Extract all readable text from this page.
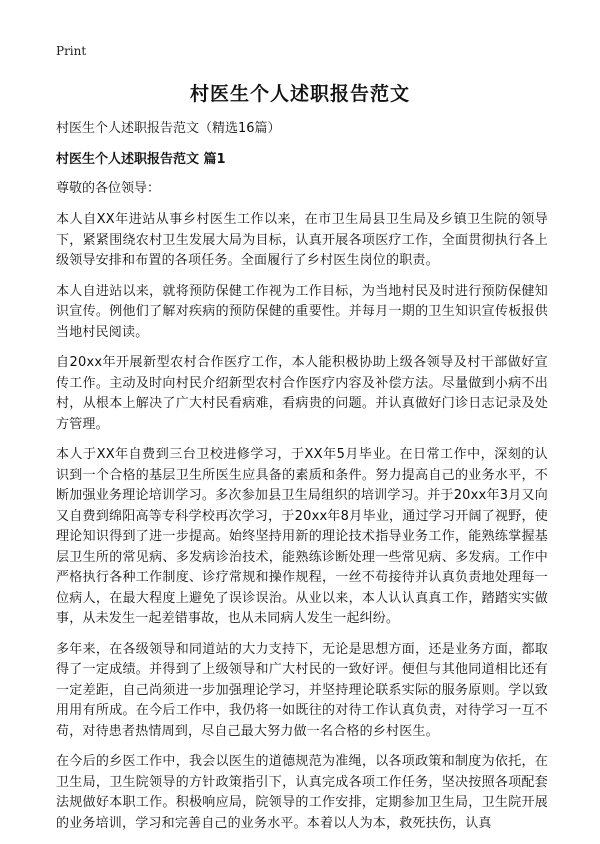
Print
村医生个人述职报告范文

村医生个人述职报告范文（精选16篇）

村医生个人述职报告范文 篇1

尊敬的各位领导：

本人自XX年进站从事乡村医生工作以来，在市卫生局县卫生局及乡镇卫生院的领导下，紧紧围绕农村卫生发展大局为目标，认真开展各项医疗工作，全面贯彻执行各上级领导安排和布置的各项任务。全面履行了乡村医生岗位的职责。

本人自进站以来，就将预防保健工作视为工作目标，为当地村民及时进行预防保健知识宣传。例他们了解对疾病的预防保健的重要性。并每月一期的卫生知识宣传板报供当地村民阅读。

自20xx年开展新型农村合作医疗工作，本人能积极协助上级各领导及村干部做好宣传工作。主动及时向村民介绍新型农村合作医疗内容及补偿方法。尽量做到小病不出村，从根本上解决了广大村民看病难，看病贵的问题。并认真做好门诊日志记录及处方管理。

本人于XX年自费到三台卫校进修学习，于XX年5月毕业。在日常工作中，深刻的认识到一个合格的基层卫生所医生应具备的素质和条件。努力提高自己的业务水平，不断加强业务理论培训学习。多次参加县卫生局组织的培训学习。并于20xx年3月又向又自费到绵阳高等专科学校再次学习，于20xx年8月毕业，通过学习开阔了视野，使理论知识得到了进一步提高。始终坚持用新的理论技术指导业务工作，能熟练掌握基层卫生所的常见病、多发病诊治技术，能熟练诊断处理一些常见病、多发病。工作中严格执行各种工作制度、诊疗常规和操作规程，一丝不苟接待并认真负责地处理每一位病人，在最大程度上避免了误诊误治。从业以来，本人认认真真工作，踏踏实实做事，从未发生一起差错事故，也从未同病人发生一起纠纷。

多年来，在各级领导和同道站的大力支持下，无论是思想方面，还是业务方面，都取得了一定成绩。并得到了上级领导和广大村民的一致好评。便但与其他同道相比还有一定差距，自己尚须进一步加强理论学习，并坚持理论联系实际的服务原则。学以致用用有所成。在今后工作中，我仍将一如既往的对待工作认真负责，对待学习一互不苟，对待患者热情周到，尽自己最大努力做一名合格的乡村医生。

在今后的乡医工作中，我会以医生的道德规范为准绳，以各项政策和制度为依托，在卫生局，卫生院领导的方针政策指引下，认真完成各项工作任务，坚决按照各项配套法规做好本职工作。积极响应局，院领导的工作安排，定期参加卫生局，卫生院开展的业务培训，学习和完善自己的业务水平。本着以人为本，救死扶伤，认真
